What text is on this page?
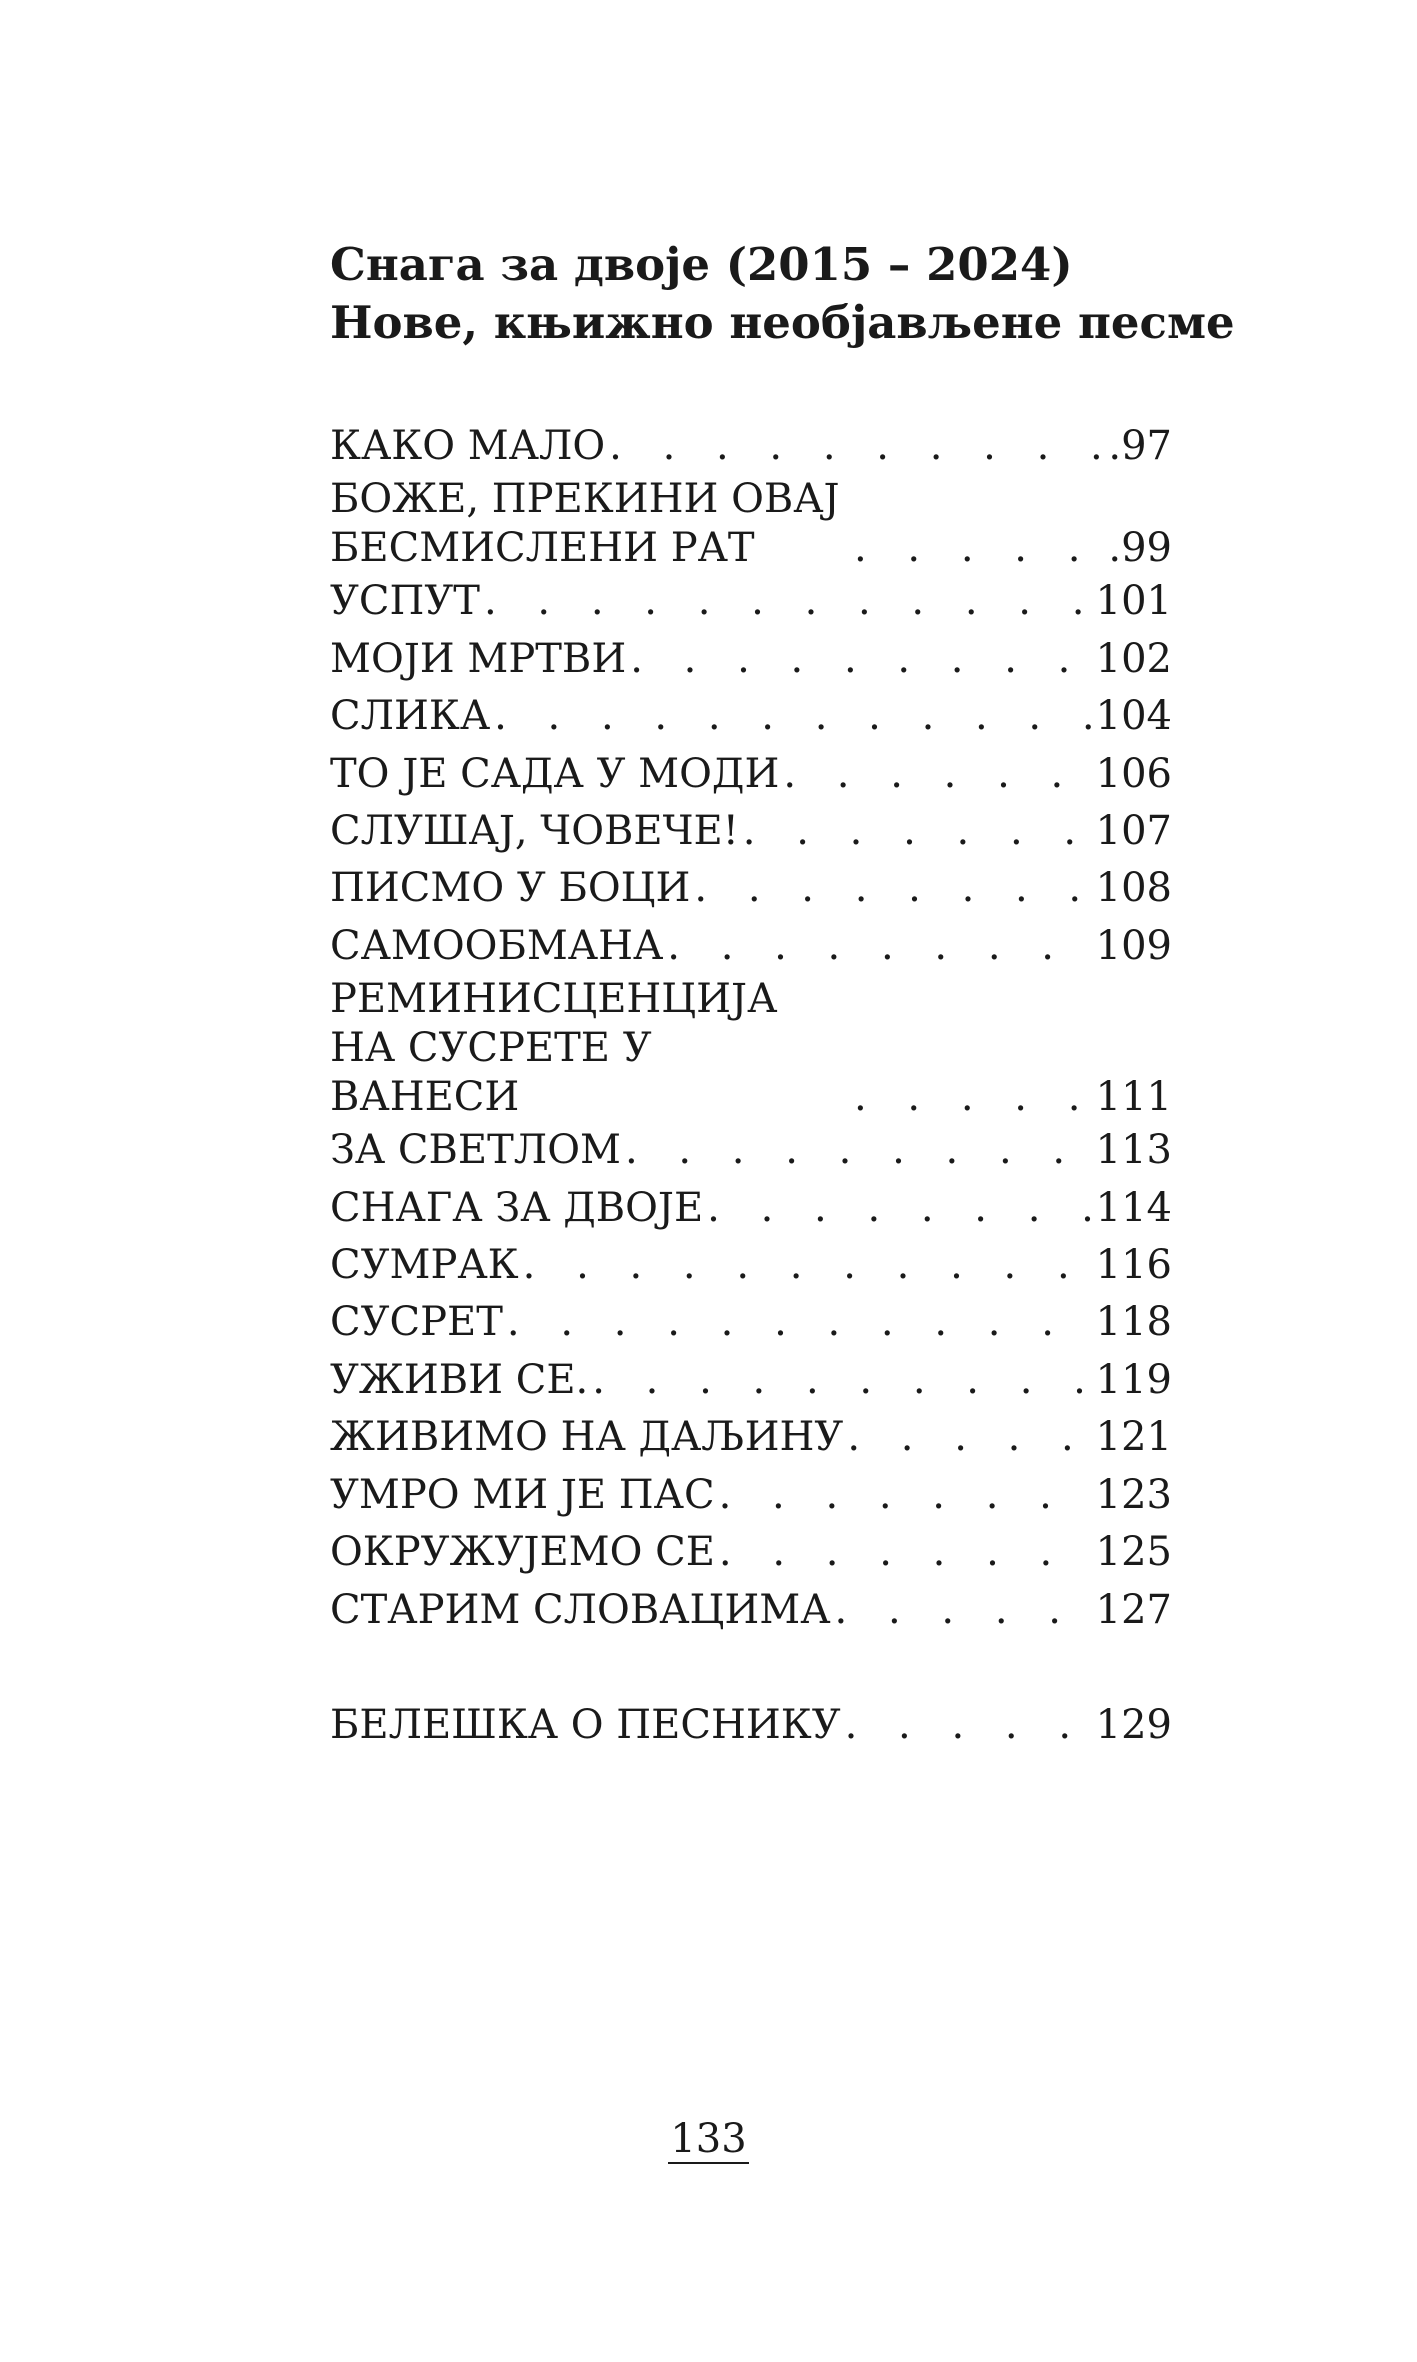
Снага за двоје (2015 – 2024)
Нове, књижно необјављене песме
КАКО МАЛО . . .	.97
БОЖЕ, ПРЕКИНИ ОВАЈ БЕСМИСЛЕНИ РАТ . . .	.99
УСПУТ . . .	101
МОЈИ МРТВИ . . .	102
СЛИКА . . .	104
ТО ЈЕ САДА У МОДИ . . .	106
СЛУШАЈ, ЧОВЕЧЕ! . . .	107
ПИСМО У БОЦИ . . .	108
САМООБМАНА . . .	109
РЕМИНИСЦЕНЦИЈА НА СУСРЕТЕ У ВАНЕСИ . . .	111
ЗА СВЕТЛОМ . . .	113
СНАГА ЗА ДВОЈЕ . . .	114
СУМРАК . . .	116
СУСРЕТ . . .	118
УЖИВИ СЕ. . . .	119
ЖИВИМО НА ДАЉИНУ . . .	121
УМРО МИ ЈЕ ПАС . . .	123
ОКРУЖУЈЕМО СЕ . . .	125
СТАРИМ СЛОВАЦИМА . . .	127
БЕЛЕШКА О ПЕСНИКУ . . .	129
133
